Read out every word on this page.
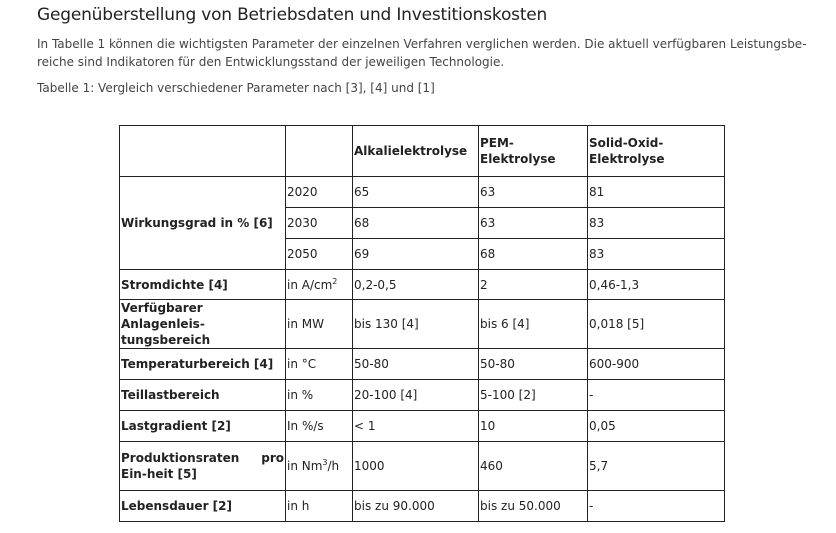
Gegenüberstellung von Betriebsdaten und Investitionskosten
In Tabelle 1 können die wichtigsten Parameter der einzelnen Verfahren verglichen werden. Die aktuell verfügbaren Leistungsbe-reiche sind Indikatoren für den Entwicklungsstand der jeweiligen Technologie.
Tabelle 1: Vergleich verschiedener Parameter nach [3], [4] und [1]
		Alkalielektrolyse	PEM-Elektrolyse	Solid-Oxid-Elektrolyse
Wirkungsgrad in % [6]	2020	65	63	81
	2030	68	63	83
	2050	69	68	83
Stromdichte [4]	in $A/cm^2$	0,2-0,5	2	0,46-1,3
Verfügbarer Anlagenleis-tungsbereich	in MW	bis 130 [4]	bis 6 [4]	0,018 [5]
Temperaturbereich [4]	in °C	50-80	50-80	600-900
Teillastbereich	in %	20-100 [4]	5-100 [2]	-
Lastgradient [2]	In %/s	< 1	10	0,05
Produktionsraten pro Ein-heit [5]	in Nm$^3$/h	1000	460	5,7
Lebensdauer [2]	in h	bis zu 90.000	bis zu 50.000	-
